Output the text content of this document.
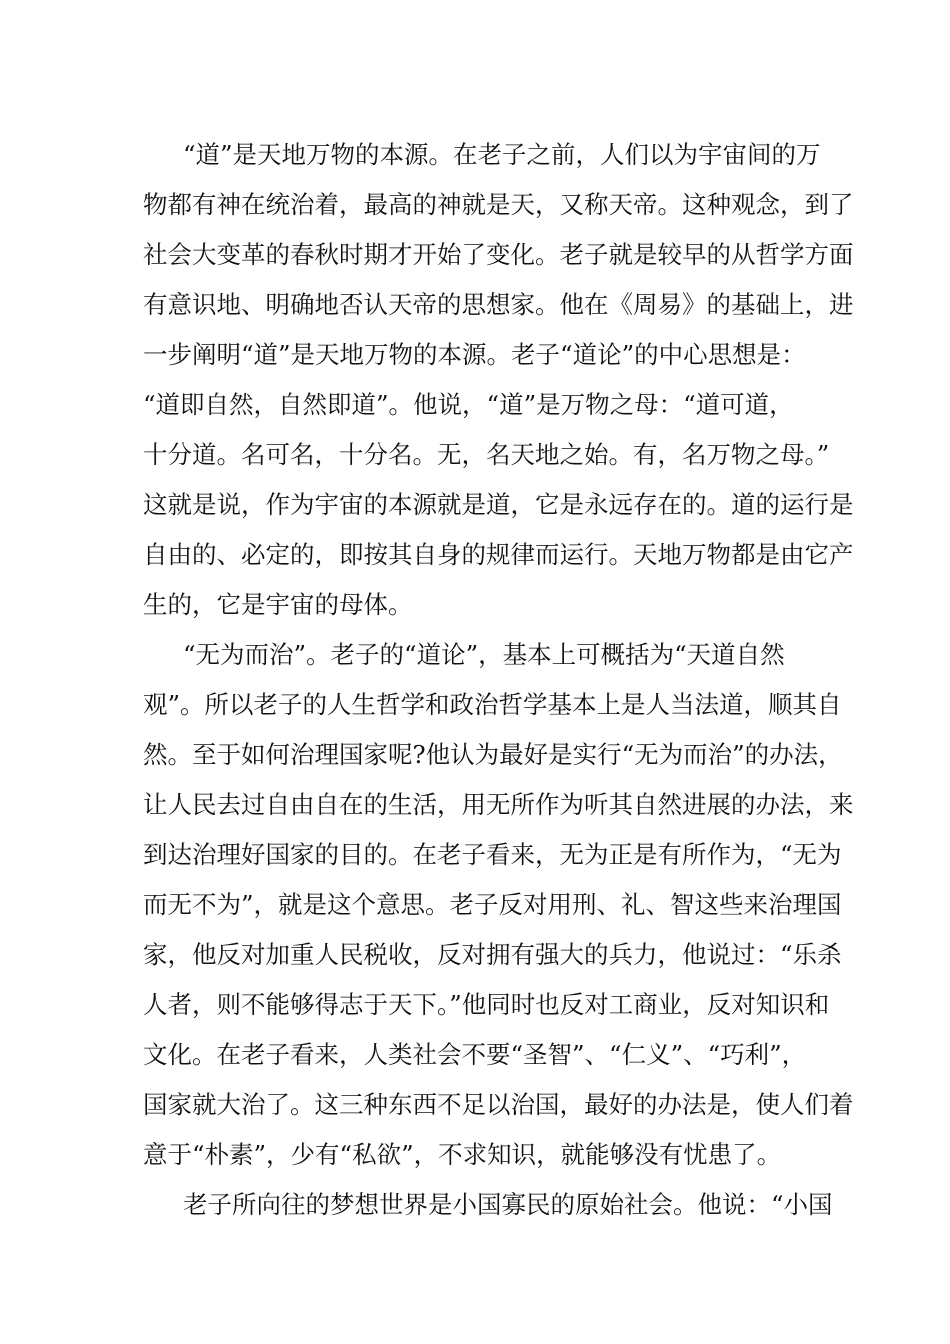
“道”是天地万物的本源。在老子之前，人们以为宇宙间的万
物都有神在统治着，最高的神就是天，又称天帝。这种观念，到了
社会大变革的春秋时期才开始了变化。老子就是较早的从哲学方面
有意识地、明确地否认天帝的思想家。他在《周易》的基础上，进
一步阐明“道”是天地万物的本源。老子“道论”的中心思想是：
“道即自然，自然即道”。他说，“道”是万物之母：“道可道，
十分道。名可名，十分名。无，名天地之始。有，名万物之母。”
这就是说，作为宇宙的本源就是道，它是永远存在的。道的运行是
自由的、必定的，即按其自身的规律而运行。天地万物都是由它产
生的，它是宇宙的母体。
“无为而治”。老子的“道论”，基本上可概括为“天道自然
观”。所以老子的人生哲学和政治哲学基本上是人当法道，顺其自
然。至于如何治理国家呢?他认为最好是实行“无为而治”的办法，
让人民去过自由自在的生活，用无所作为听其自然进展的办法，来
到达治理好国家的目的。在老子看来，无为正是有所作为，“无为
而无不为”，就是这个意思。老子反对用刑、礼、智这些来治理国
家，他反对加重人民税收，反对拥有强大的兵力，他说过：“乐杀
人者，则不能够得志于天下。”他同时也反对工商业，反对知识和
文化。在老子看来，人类社会不要“圣智”、“仁义”、“巧利”，
国家就大治了。这三种东西不足以治国，最好的办法是，使人们着
意于“朴素”，少有“私欲”，不求知识，就能够没有忧患了。
老子所向往的梦想世界是小国寡民的原始社会。他说：“小国
